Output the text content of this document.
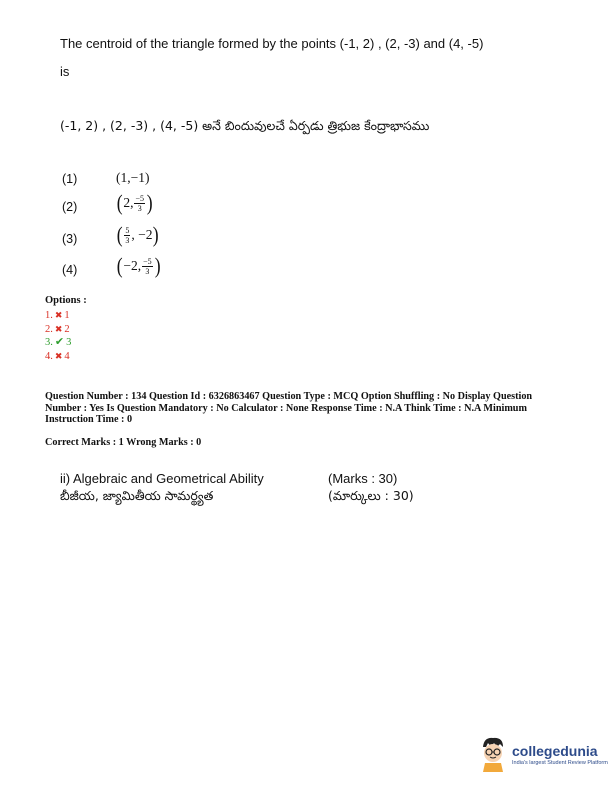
The centroid of the triangle formed by the points (-1, 2) , (2, -3) and (4, -5)
is
(-1, 2) , (2, -3) , (4, -5) అనే బిందువులచే ఏర్పడు త్రిభుజ కేంద్రాభాసము
(1)	( 1 , −1 )
(2) ( 2, $\frac{-5}{3}$ )
(3) ( $\frac{5}{3}$ , −2 )
(4) ( −2, $\frac{-5}{3}$ )
Options :
1. ✖ 1
2. ✖ 2
3. ✔ 3
4. ✖ 4

Question Number : 134 Question Id : 6326863467 Question Type : MCQ Option Shuffling : No Display Question

Number : Yes Is Question Mandatory : No Calculator : None Response Time : N.A Think Time : N.A Minimum

Instruction Time : 0

Correct Marks : 1 Wrong Marks : 0

ii) Algebraic and Geometrical Ability
బీజీయ, జ్యామితీయ సామర్థ్యత
(Marks : 30)
(మార్కులు : 30)
collegedunia
India's largest Student Review Platform
